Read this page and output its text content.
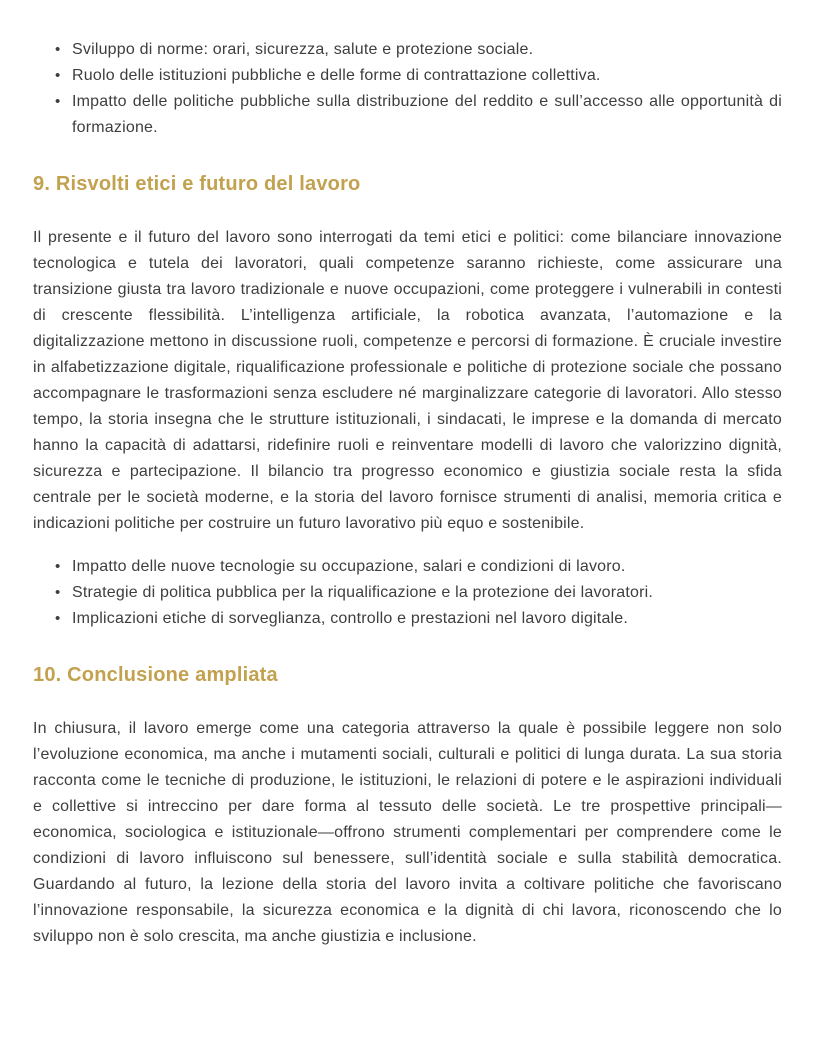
• Sviluppo di norme: orari, sicurezza, salute e protezione sociale.
• Ruolo delle istituzioni pubbliche e delle forme di contrattazione collettiva.
• Impatto delle politiche pubbliche sulla distribuzione del reddito e sull’accesso alle opportunità di formazione.
9. Risvolti etici e futuro del lavoro

Il presente e il futuro del lavoro sono interrogati da temi etici e politici: come bilanciare innovazione tecnologica e tutela dei lavoratori, quali competenze saranno richieste, come assicurare una transizione giusta tra lavoro tradizionale e nuove occupazioni, come proteggere i vulnerabili in contesti di crescente flessibilità. L’intelligenza artificiale, la robotica avanzata, l’automazione e la digitalizzazione mettono in discussione ruoli, competenze e percorsi di formazione. È cruciale investire in alfabetizzazione digitale, riqualificazione professionale e politiche di protezione sociale che possano accompagnare le trasformazioni senza escludere né marginalizzare categorie di lavoratori. Allo stesso tempo, la storia insegna che le strutture istituzionali, i sindacati, le imprese e la domanda di mercato hanno la capacità di adattarsi, ridefinire ruoli e reinventare modelli di lavoro che valorizzino dignità, sicurezza e partecipazione. Il bilancio tra progresso economico e giustizia sociale resta la sfida centrale per le società moderne, e la storia del lavoro fornisce strumenti di analisi, memoria critica e indicazioni politiche per costruire un futuro lavorativo più equo e sostenibile.

• Impatto delle nuove tecnologie su occupazione, salari e condizioni di lavoro.
• Strategie di politica pubblica per la riqualificazione e la protezione dei lavoratori.
• Implicazioni etiche di sorveglianza, controllo e prestazioni nel lavoro digitale.
10. Conclusione ampliata

In chiusura, il lavoro emerge come una categoria attraverso la quale è possibile leggere non solo l’evoluzione economica, ma anche i mutamenti sociali, culturali e politici di lunga durata. La sua storia racconta come le tecniche di produzione, le istituzioni, le relazioni di potere e le aspirazioni individuali e collettive si intreccino per dare forma al tessuto delle società. Le tre prospettive principali—economica, sociologica e istituzionale—offrono strumenti complementari per comprendere come le condizioni di lavoro influiscono sul benessere, sull’identità sociale e sulla stabilità democratica. Guardando al futuro, la lezione della storia del lavoro invita a coltivare politiche che favoriscano l’innovazione responsabile, la sicurezza economica e la dignità di chi lavora, riconoscendo che lo sviluppo non è solo crescita, ma anche giustizia e inclusione.
